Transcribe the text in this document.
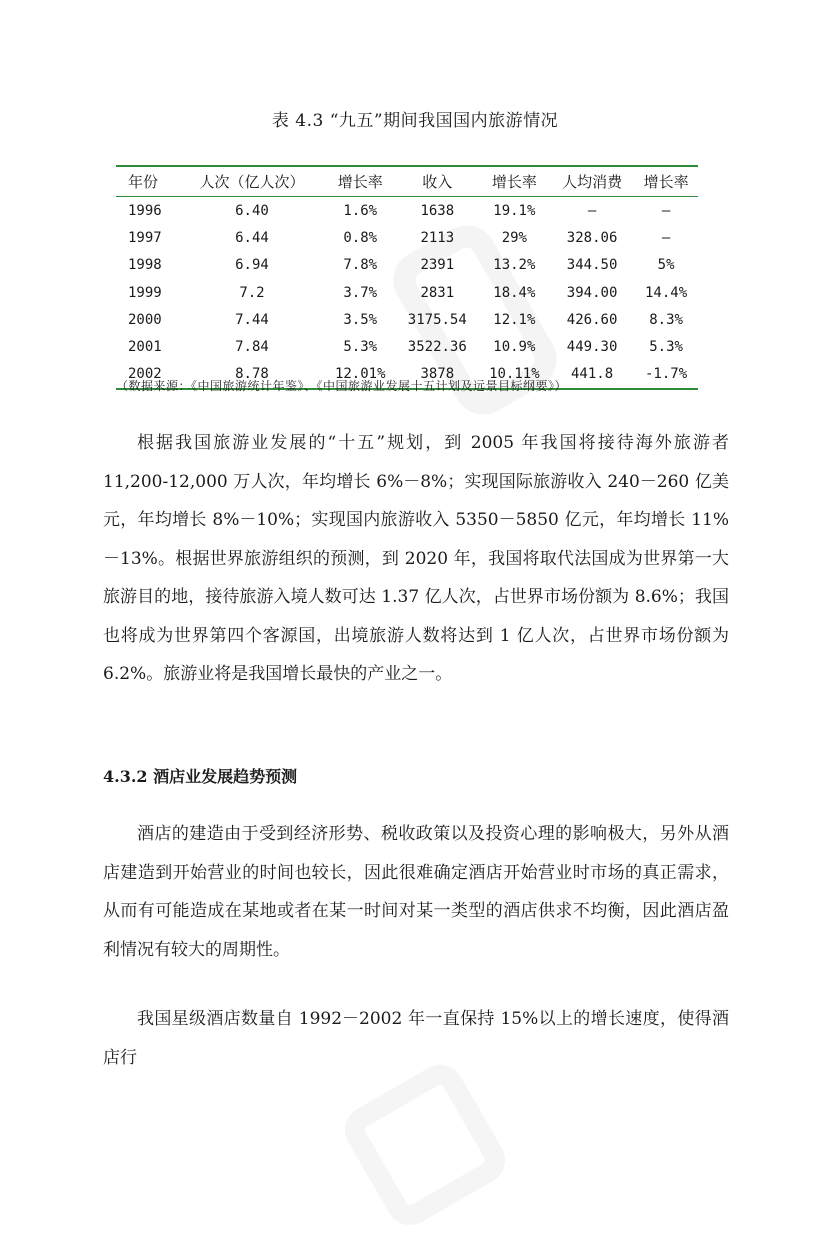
表 4.3 “九五”期间我国国内旅游情况
年份	人次（亿人次）	增长率	收入	增长率	人均消费	增长率
1996	6.40	1.6%	1638	19.1%	—	—
1997	6.44	0.8%	2113	29%	328.06	—
1998	6.94	7.8%	2391	13.2%	344.50	5%
1999	7.2	3.7%	2831	18.4%	394.00	14.4%
2000	7.44	3.5%	3175.54	12.1%	426.60	8.3%
2001	7.84	5.3%	3522.36	10.9%	449.30	5.3%
2002	8.78	12.01%	3878	10.11%	441.8	-1.7%
（数据来源：《中国旅游统计年鉴》、《中国旅游业发展十五计划及远景目标纲要》）

根据我国旅游业发展的“十五”规划，到 2005 年我国将接待海外旅游者 11,200-12,000 万人次，年均增长 6%－8%；实现国际旅游收入 240－260 亿美元，年均增长 8%－10%；实现国内旅游收入 5350－5850 亿元，年均增长 11%－13%。根据世界旅游组织的预测，到 2020 年，我国将取代法国成为世界第一大旅游目的地，接待旅游入境人数可达 1.37 亿人次，占世界市场份额为 8.6%；我国也将成为世界第四个客源国，出境旅游人数将达到 1 亿人次，占世界市场份额为 6.2%。旅游业将是我国增长最快的产业之一。

4.3.2 酒店业发展趋势预测

酒店的建造由于受到经济形势、税收政策以及投资心理的影响极大，另外从酒店建造到开始营业的时间也较长，因此很难确定酒店开始营业时市场的真正需求，从而有可能造成在某地或者在某一时间对某一类型的酒店供求不均衡，因此酒店盈利情况有较大的周期性。

我国星级酒店数量自 1992－2002 年一直保持 15%以上的增长速度，使得酒店行
